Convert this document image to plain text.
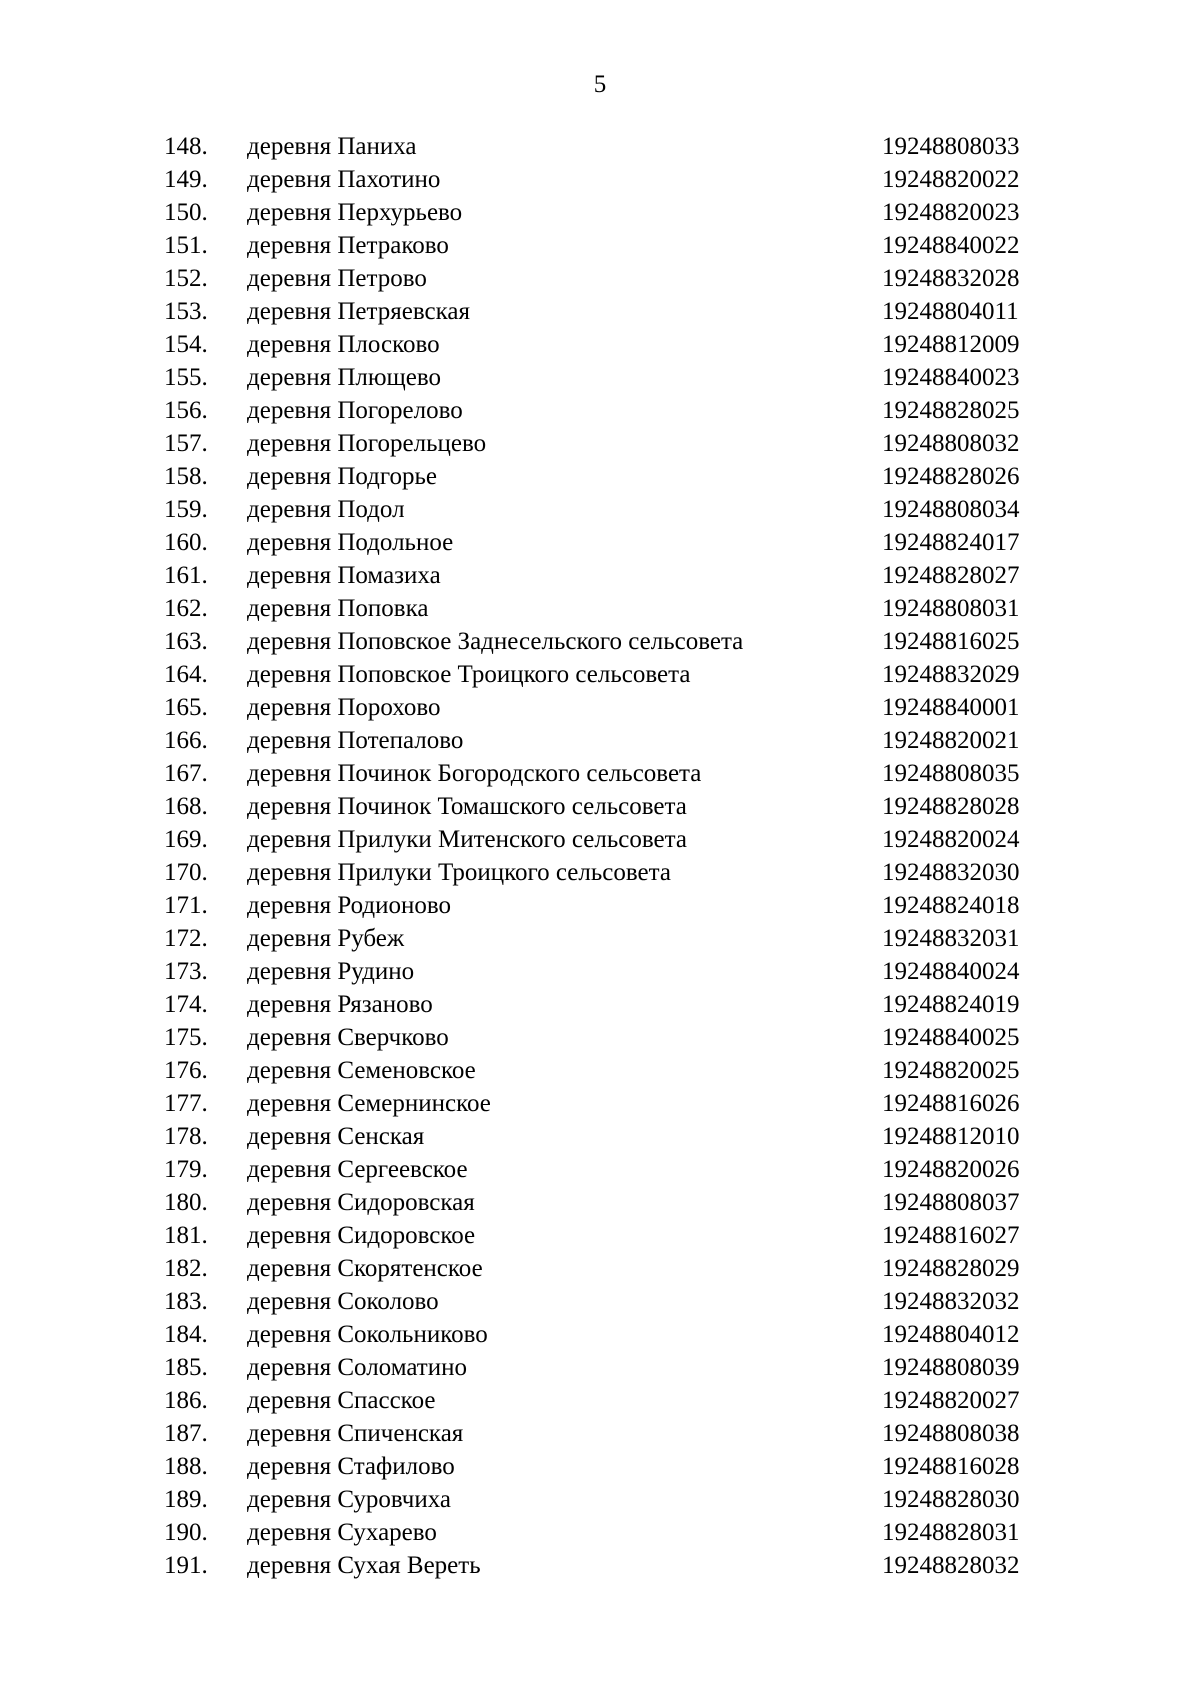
5
148. деревня Паниха	19248808033
149. деревня Пахотино	19248820022
150. деревня Перхурьево	19248820023
151. деревня Петраково	19248840022
152. деревня Петрово	19248832028
153. деревня Петряевская	19248804011
154. деревня Плосково	19248812009
155. деревня Плющево	19248840023
156. деревня Погорелово	19248828025
157. деревня Погорельцево	19248808032
158. деревня Подгорье	19248828026
159. деревня Подол	19248808034
160. деревня Подольное	19248824017
161. деревня Помазиха	19248828027
162. деревня Поповка	19248808031
163. деревня Поповское Заднесельского сельсовета	19248816025
164. деревня Поповское Троицкого сельсовета	19248832029
165. деревня Порохово	19248840001
166. деревня Потепалово	19248820021
167. деревня Починок Богородского сельсовета	19248808035
168. деревня Починок Томашского сельсовета	19248828028
169. деревня Прилуки Митенского сельсовета	19248820024
170. деревня Прилуки Троицкого сельсовета	19248832030
171. деревня Родионово	19248824018
172. деревня Рубеж	19248832031
173. деревня Рудино	19248840024
174. деревня Рязаново	19248824019
175. деревня Сверчково	19248840025
176. деревня Семеновское	19248820025
177. деревня Семернинское	19248816026
178. деревня Сенская	19248812010
179. деревня Сергеевское	19248820026
180. деревня Сидоровская	19248808037
181. деревня Сидоровское	19248816027
182. деревня Скорятенское	19248828029
183. деревня Соколово	19248832032
184. деревня Сокольниково	19248804012
185. деревня Соломатино	19248808039
186. деревня Спасское	19248820027
187. деревня Спиченская	19248808038
188. деревня Стафилово	19248816028
189. деревня Суровчиха	19248828030
190. деревня Сухарево	19248828031
191. деревня Сухая Вереть	19248828032
